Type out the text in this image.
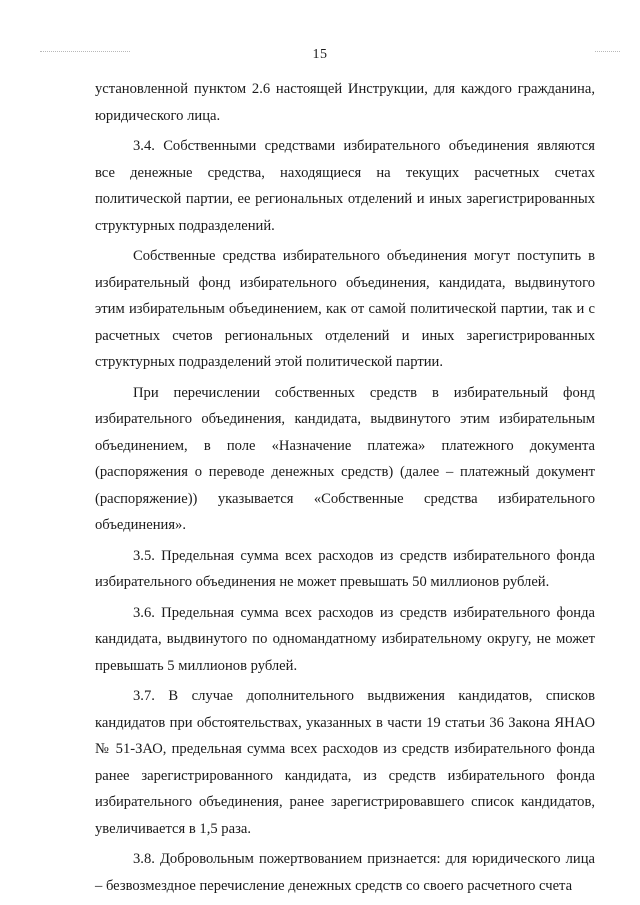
15

установленной пунктом 2.6 настоящей Инструкции, для каждого гражданина, юридического лица.

3.4. Собственными средствами избирательного объединения являются все денежные средства, находящиеся на текущих расчетных счетах политической партии, ее региональных отделений и иных зарегистрированных структурных подразделений.

Собственные средства избирательного объединения могут поступить в избирательный фонд избирательного объединения, кандидата, выдвинутого этим избирательным объединением, как от самой политической партии, так и с расчетных счетов региональных отделений и иных зарегистрированных структурных подразделений этой политической партии.

При перечислении собственных средств в избирательный фонд избирательного объединения, кандидата, выдвинутого этим избирательным объединением, в поле «Назначение платежа» платежного документа (распоряжения о переводе денежных средств) (далее – платежный документ (распоряжение)) указывается «Собственные средства избирательного объединения».

3.5. Предельная сумма всех расходов из средств избирательного фонда избирательного объединения не может превышать 50 миллионов рублей.

3.6. Предельная сумма всех расходов из средств избирательного фонда кандидата, выдвинутого по одномандатному избирательному округу, не может превышать 5 миллионов рублей.

3.7. В случае дополнительного выдвижения кандидатов, списков кандидатов при обстоятельствах, указанных в части 19 статьи 36 Закона ЯНАО № 51-ЗАО, предельная сумма всех расходов из средств избирательного фонда ранее зарегистрированного кандидата, из средств избирательного фонда избирательного объединения, ранее зарегистрировавшего список кандидатов, увеличивается в 1,5 раза.

3.8. Добровольным пожертвованием признается: для юридического лица – безвозмездное перечисление денежных средств со своего расчетного счета
